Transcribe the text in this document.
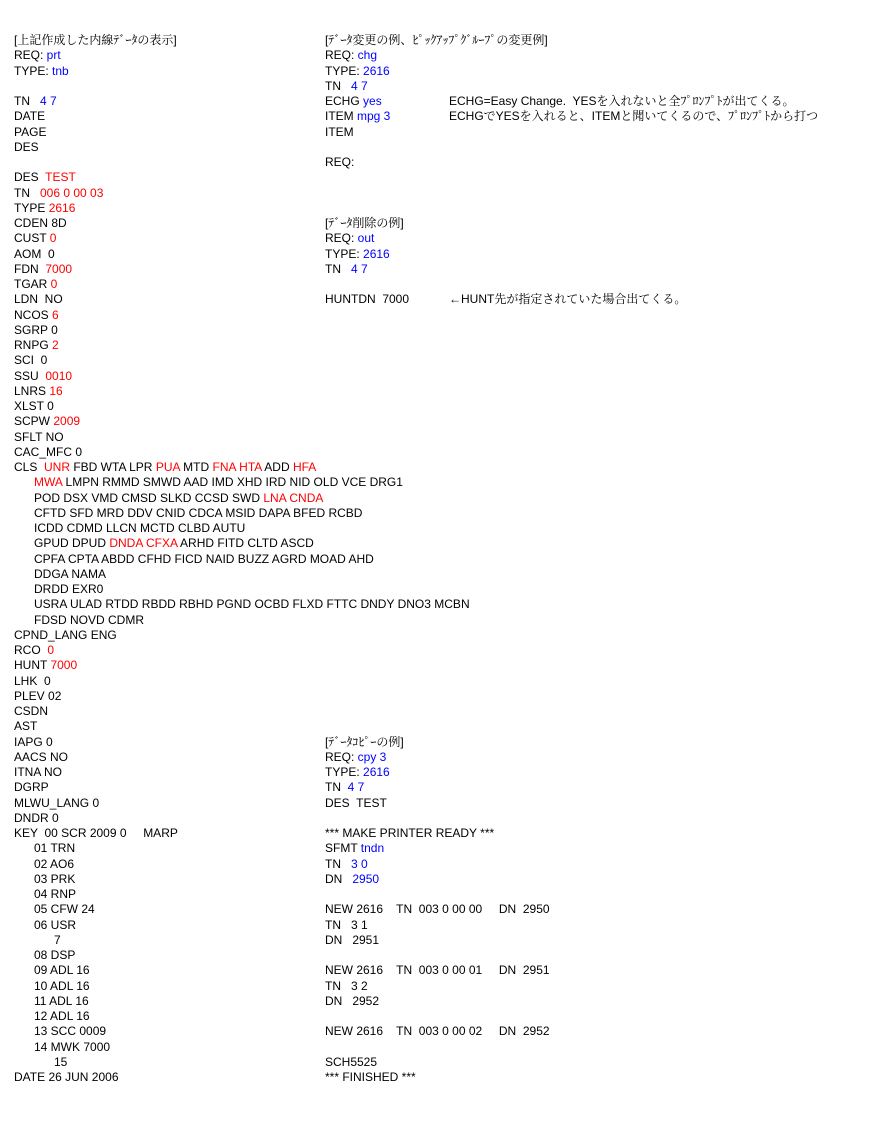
[上記作成した内線ﾃﾞｰﾀの表示]
REQ: prt
TYPE: tnb
TN   4 7
DATE
PAGE
DES
DES  TEST
TN   006 0 00 03
TYPE 2616
CDEN 8D
CUST 0
AOM  0
FDN  7000
TGAR 0
LDN  NO
NCOS 6
SGRP 0
RNPG 2
SCI  0
SSU  0010
LNRS 16
XLST 0
SCPW 2009
SFLT NO
CAC_MFC 0
CLS  UNR FBD WTA LPR PUA MTD FNA HTA ADD HFA
MWA LMPN RMMD SMWD AAD IMD XHD IRD NID OLD VCE DRG1
POD DSX VMD CMSD SLKD CCSD SWD LNA CNDA
CFTD SFD MRD DDV CNID CDCA MSID DAPA BFED RCBD
ICDD CDMD LLCN MCTD CLBD AUTU
GPUD DPUD DNDA CFXA ARHD FITD CLTD ASCD
CPFA CPTA ABDD CFHD FICD NAID BUZZ AGRD MOAD AHD
DDGA NAMA
DRDD EXR0
USRA ULAD RTDD RBDD RBHD PGND OCBD FLXD FTTC DNDY DNO3 MCBN
FDSD NOVD CDMR
CPND_LANG ENG
RCO  0
HUNT 7000
LHK  0
PLEV 02
CSDN
AST
IAPG 0
AACS NO
ITNA NO
DGRP
MLWU_LANG 0
DNDR 0
KEY  00 SCR 2009 0     MARP
01 TRN
02 AO6
03 PRK
04 RNP
05 CFW 24
06 USR
7
08 DSP
09 ADL 16
10 ADL 16
11 ADL 16
12 ADL 16
13 SCC 0009
14 MWK 7000
15
DATE 26 JUN 2006
[ﾃﾞｰﾀ変更の例、ﾋﾟｯｸｱｯﾌﾟｸﾞﾙｰﾌﾟの変更例]
REQ: chg
TYPE: 2616
TN   4 7
ECHG yes	ECHG=Easy Change.  YESを入れないと全ﾌﾟﾛﾝﾌﾟﾄが出てくる。
ITEM mpg 3	ECHGでYESを入れると、ITEMと聞いてくるので、ﾌﾟﾛﾝﾌﾟﾄから打つ
ITEM
REQ:
[ﾃﾞｰﾀ削除の例]
REQ: out
TYPE: 2616
TN   4 7
HUNTDN  7000	←HUNT先が指定されていた場合出てくる。
[ﾃﾞｰﾀｺﾋﾟｰの例]
REQ: cpy 3
TYPE: 2616
TN  4 7
DES  TEST
*** MAKE PRINTER READY ***
SFMT tndn
TN   3 0
DN   2950
NEW 2616    TN  003 0 00 00     DN  2950
TN   3 1
DN   2951
NEW 2616    TN  003 0 00 01     DN  2951
TN   3 2
DN   2952
NEW 2616    TN  003 0 00 02     DN  2952
SCH5525
*** FINISHED ***
